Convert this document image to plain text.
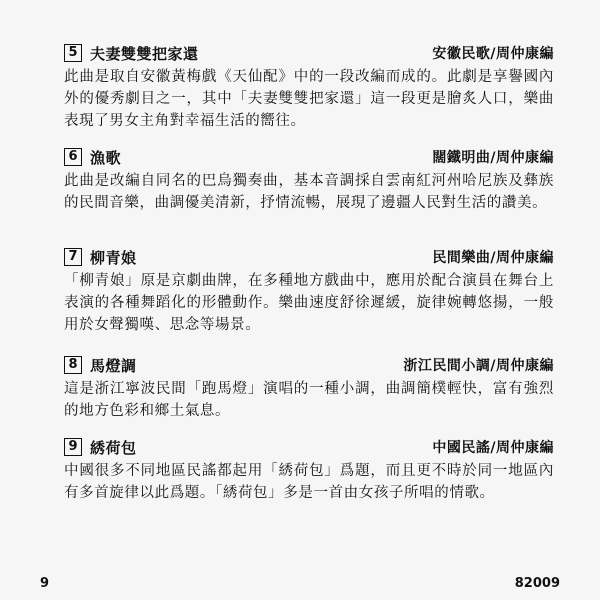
5 夫妻雙雙把家還	安徽民歌/周仲康編

此曲是取自安徽黃梅戲《天仙配》中的一段改編而成的。此劇是享譽國內外的優秀劇目之一，其中「夫妻雙雙把家還」這一段更是膾炙人口，樂曲表現了男女主角對幸福生活的嚮往。

6 漁歌	闊鐵明曲/周仲康編

此曲是改編自同名的巴烏獨奏曲，基本音調採自雲南紅河州哈尼族及彝族的民間音樂，曲調優美清新，抒情流暢，展現了邊疆人民對生活的讚美。

7 柳青娘	民間樂曲/周仲康編

「柳青娘」原是京劇曲牌，在多種地方戲曲中，應用於配合演員在舞台上表演的各種舞蹈化的形體動作。樂曲速度舒徐遲緩，旋律婉轉悠揚，一般用於女聲獨嘆、思念等場景。

8 馬燈調	浙江民間小調/周仲康編

這是浙江寧波民間「跑馬燈」演唱的一種小調，曲調簡樸輕快，富有強烈的地方色彩和鄉土氣息。

9 綉荷包	中國民謠/周仲康編

中國很多不同地區民謠都起用「綉荷包」爲題，而且更不時於同一地區內有多首旋律以此爲題。「綉荷包」多是一首由女孩子所唱的情歌。

9	82009
